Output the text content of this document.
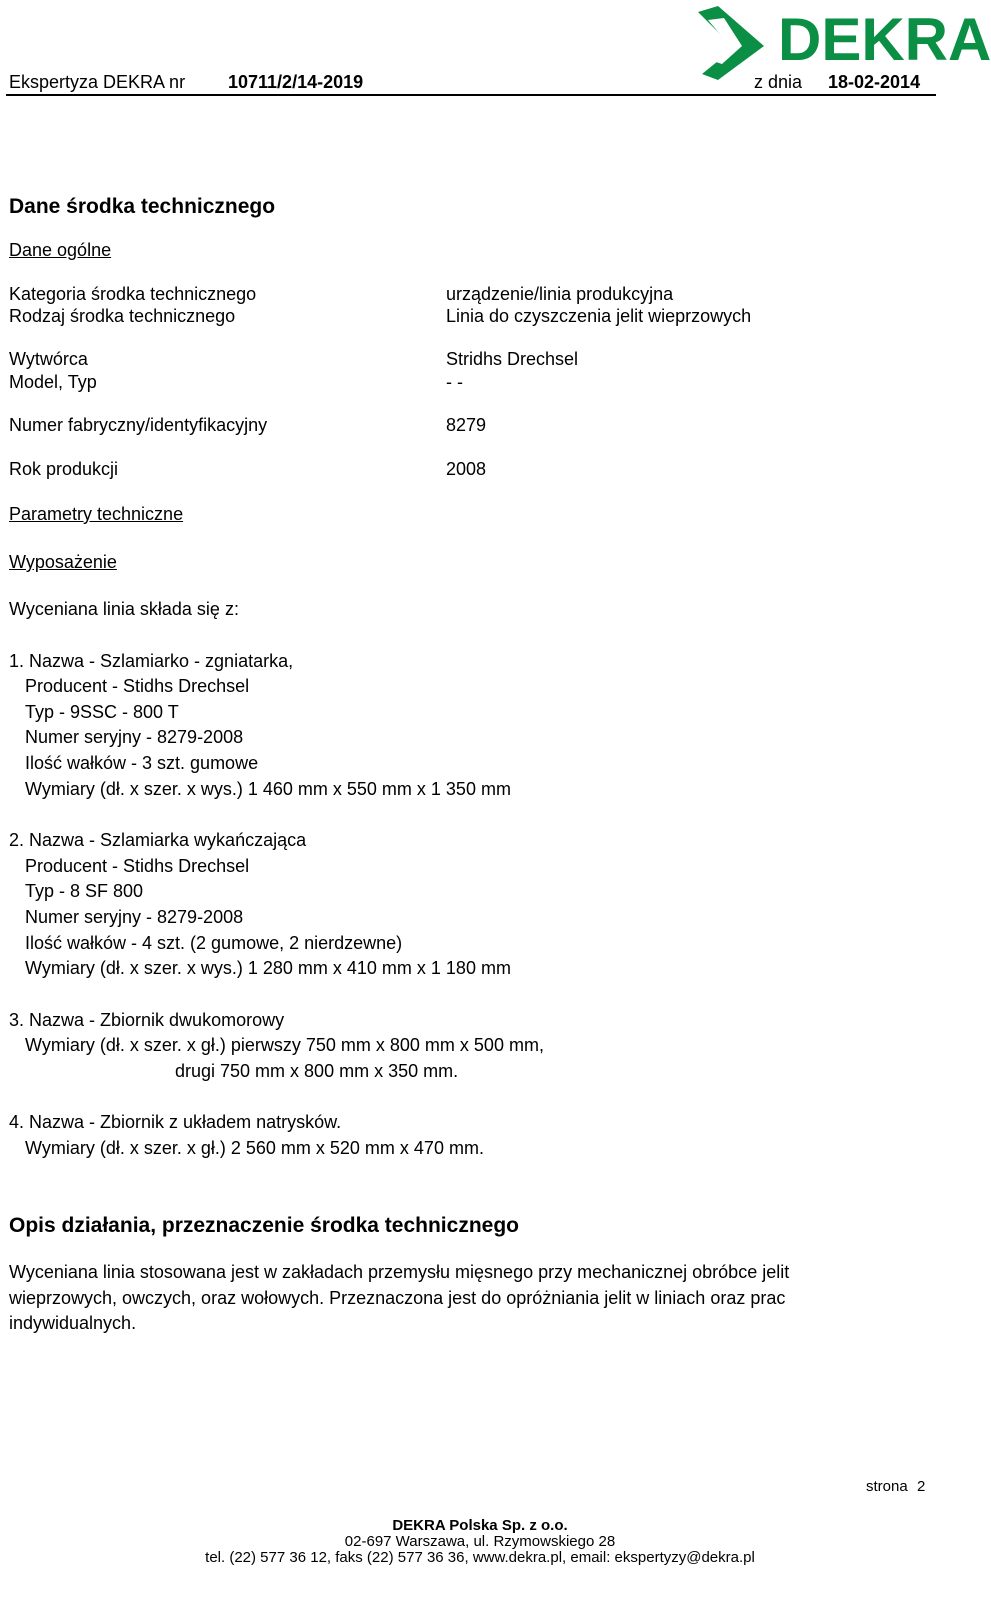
Ekspertyza DEKRA nr 10711/2/14-2019	z dnia 18-02-2014
DEKRA
Dane środka technicznego
Dane ogólne
Kategoria środka technicznego	urządzenie/linia produkcyjna
Rodzaj środka technicznego	Linia do czyszczenia jelit wieprzowych
Wytwórca	Stridhs Drechsel
Model, Typ	- -
Numer fabryczny/identyfikacyjny	8279
Rok produkcji	2008
Parametry techniczne
Wyposażenie
Wyceniana linia składa się z:
1. Nazwa - Szlamiarko - zgniatarka,
Producent - Stidhs Drechsel
Typ - 9SSC - 800 T
Numer seryjny - 8279-2008
Ilość wałków - 3 szt. gumowe
Wymiary (dł. x szer. x wys.) 1 460 mm x 550 mm x 1 350 mm
2. Nazwa - Szlamiarka wykańczająca
Producent - Stidhs Drechsel
Typ - 8 SF 800
Numer seryjny - 8279-2008
Ilość wałków - 4 szt. (2 gumowe, 2 nierdzewne)
Wymiary (dł. x szer. x wys.) 1 280 mm x 410 mm x 1 180 mm
3. Nazwa - Zbiornik dwukomorowy
Wymiary (dł. x szer. x gł.) pierwszy 750 mm x 800 mm x 500 mm,
drugi 750 mm x 800 mm x 350 mm.
4. Nazwa - Zbiornik z układem natrysków.
Wymiary (dł. x szer. x gł.) 2 560 mm x 520 mm x 470 mm.
Opis działania, przeznaczenie środka technicznego
Wyceniana linia stosowana jest w zakładach przemysłu mięsnego przy mechanicznej obróbce jelit
wieprzowych, owczych, oraz wołowych. Przeznaczona jest do opróżniania jelit w liniach oraz prac
indywidualnych.
strona 2
DEKRA Polska Sp. z o.o.
02-697 Warszawa, ul. Rzymowskiego 28
tel. (22) 577 36 12, faks (22) 577 36 36, www.dekra.pl, email: ekspertyzy@dekra.pl
